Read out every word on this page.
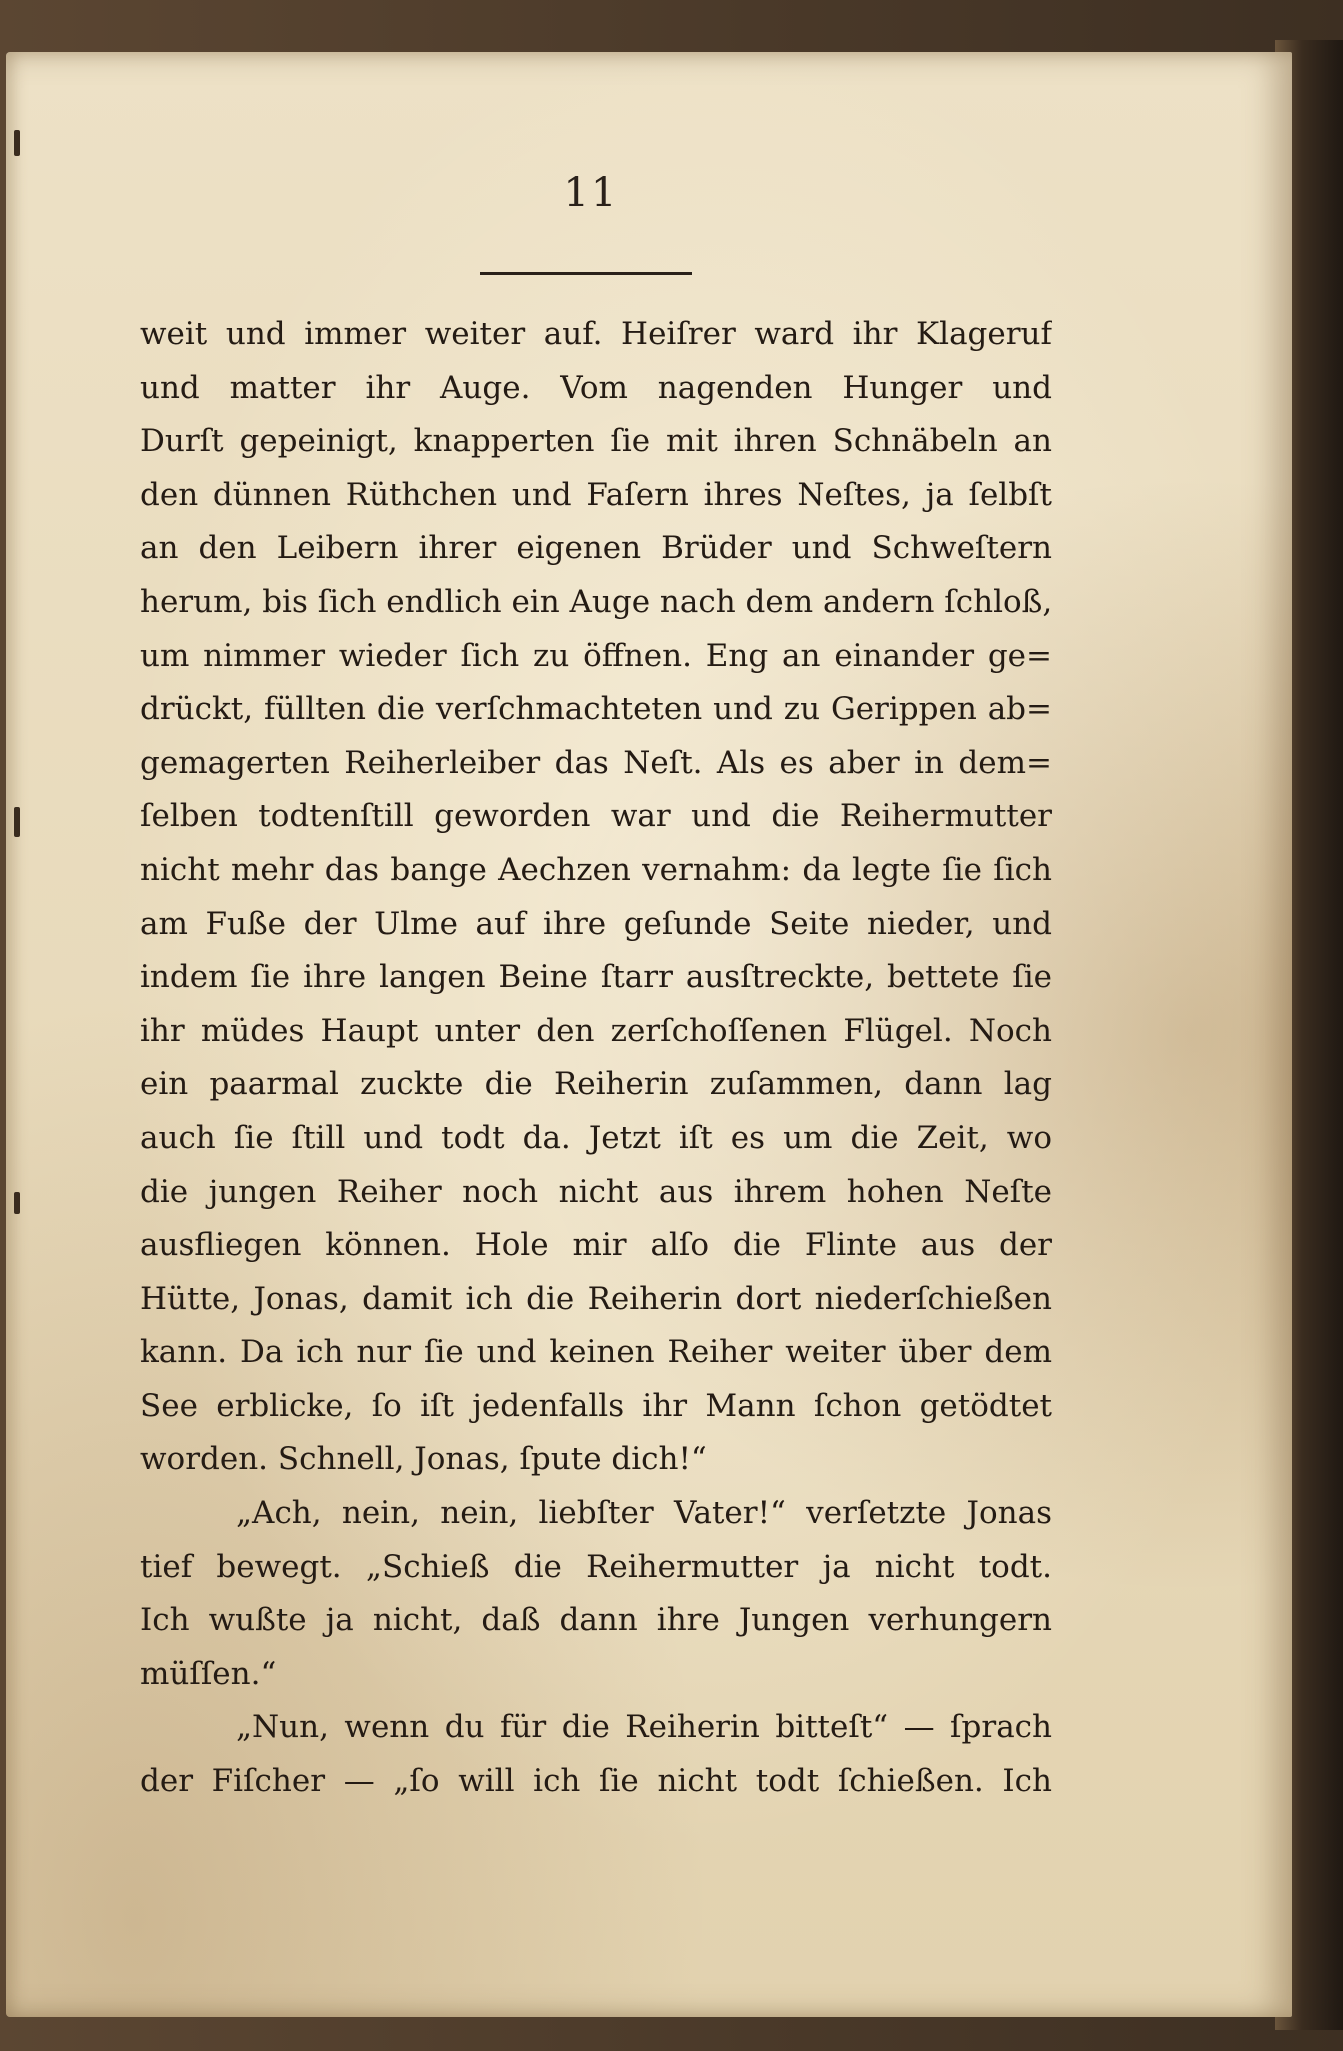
11
weit und immer weiter auf. Heiſrer ward ihr Klageruf
und matter ihr Auge. Vom nagenden Hunger und
Durſt gepeinigt, knapperten ſie mit ihren Schnäbeln an
den dünnen Rüthchen und Faſern ihres Neſtes, ja ſelbſt
an den Leibern ihrer eigenen Brüder und Schweſtern
herum, bis ſich endlich ein Auge nach dem andern ſchloß,
um nimmer wieder ſich zu öffnen. Eng an einander ge=
drückt, füllten die verſchmachteten und zu Gerippen ab=
gemagerten Reiherleiber das Neſt. Als es aber in dem=
ſelben todtenſtill geworden war und die Reihermutter
nicht mehr das bange Aechzen vernahm: da legte ſie ſich
am Fuße der Ulme auf ihre geſunde Seite nieder, und
indem ſie ihre langen Beine ſtarr ausſtreckte, bettete ſie
ihr müdes Haupt unter den zerſchoſſenen Flügel. Noch
ein paarmal zuckte die Reiherin zuſammen, dann lag
auch ſie ſtill und todt da. Jetzt iſt es um die Zeit, wo
die jungen Reiher noch nicht aus ihrem hohen Neſte
ausfliegen können. Hole mir alſo die Flinte aus der
Hütte, Jonas, damit ich die Reiherin dort niederſchießen
kann. Da ich nur ſie und keinen Reiher weiter über dem
See erblicke, ſo iſt jedenfalls ihr Mann ſchon getödtet
worden. Schnell, Jonas, ſpute dich!“
„Ach, nein, nein, liebſter Vater!“ verſetzte Jonas
tief bewegt. „Schieß die Reihermutter ja nicht todt.
Ich wußte ja nicht, daß dann ihre Jungen verhungern
müſſen.“
„Nun, wenn du für die Reiherin bitteſt“ — ſprach
der Fiſcher — „ſo will ich ſie nicht todt ſchießen. Ich
